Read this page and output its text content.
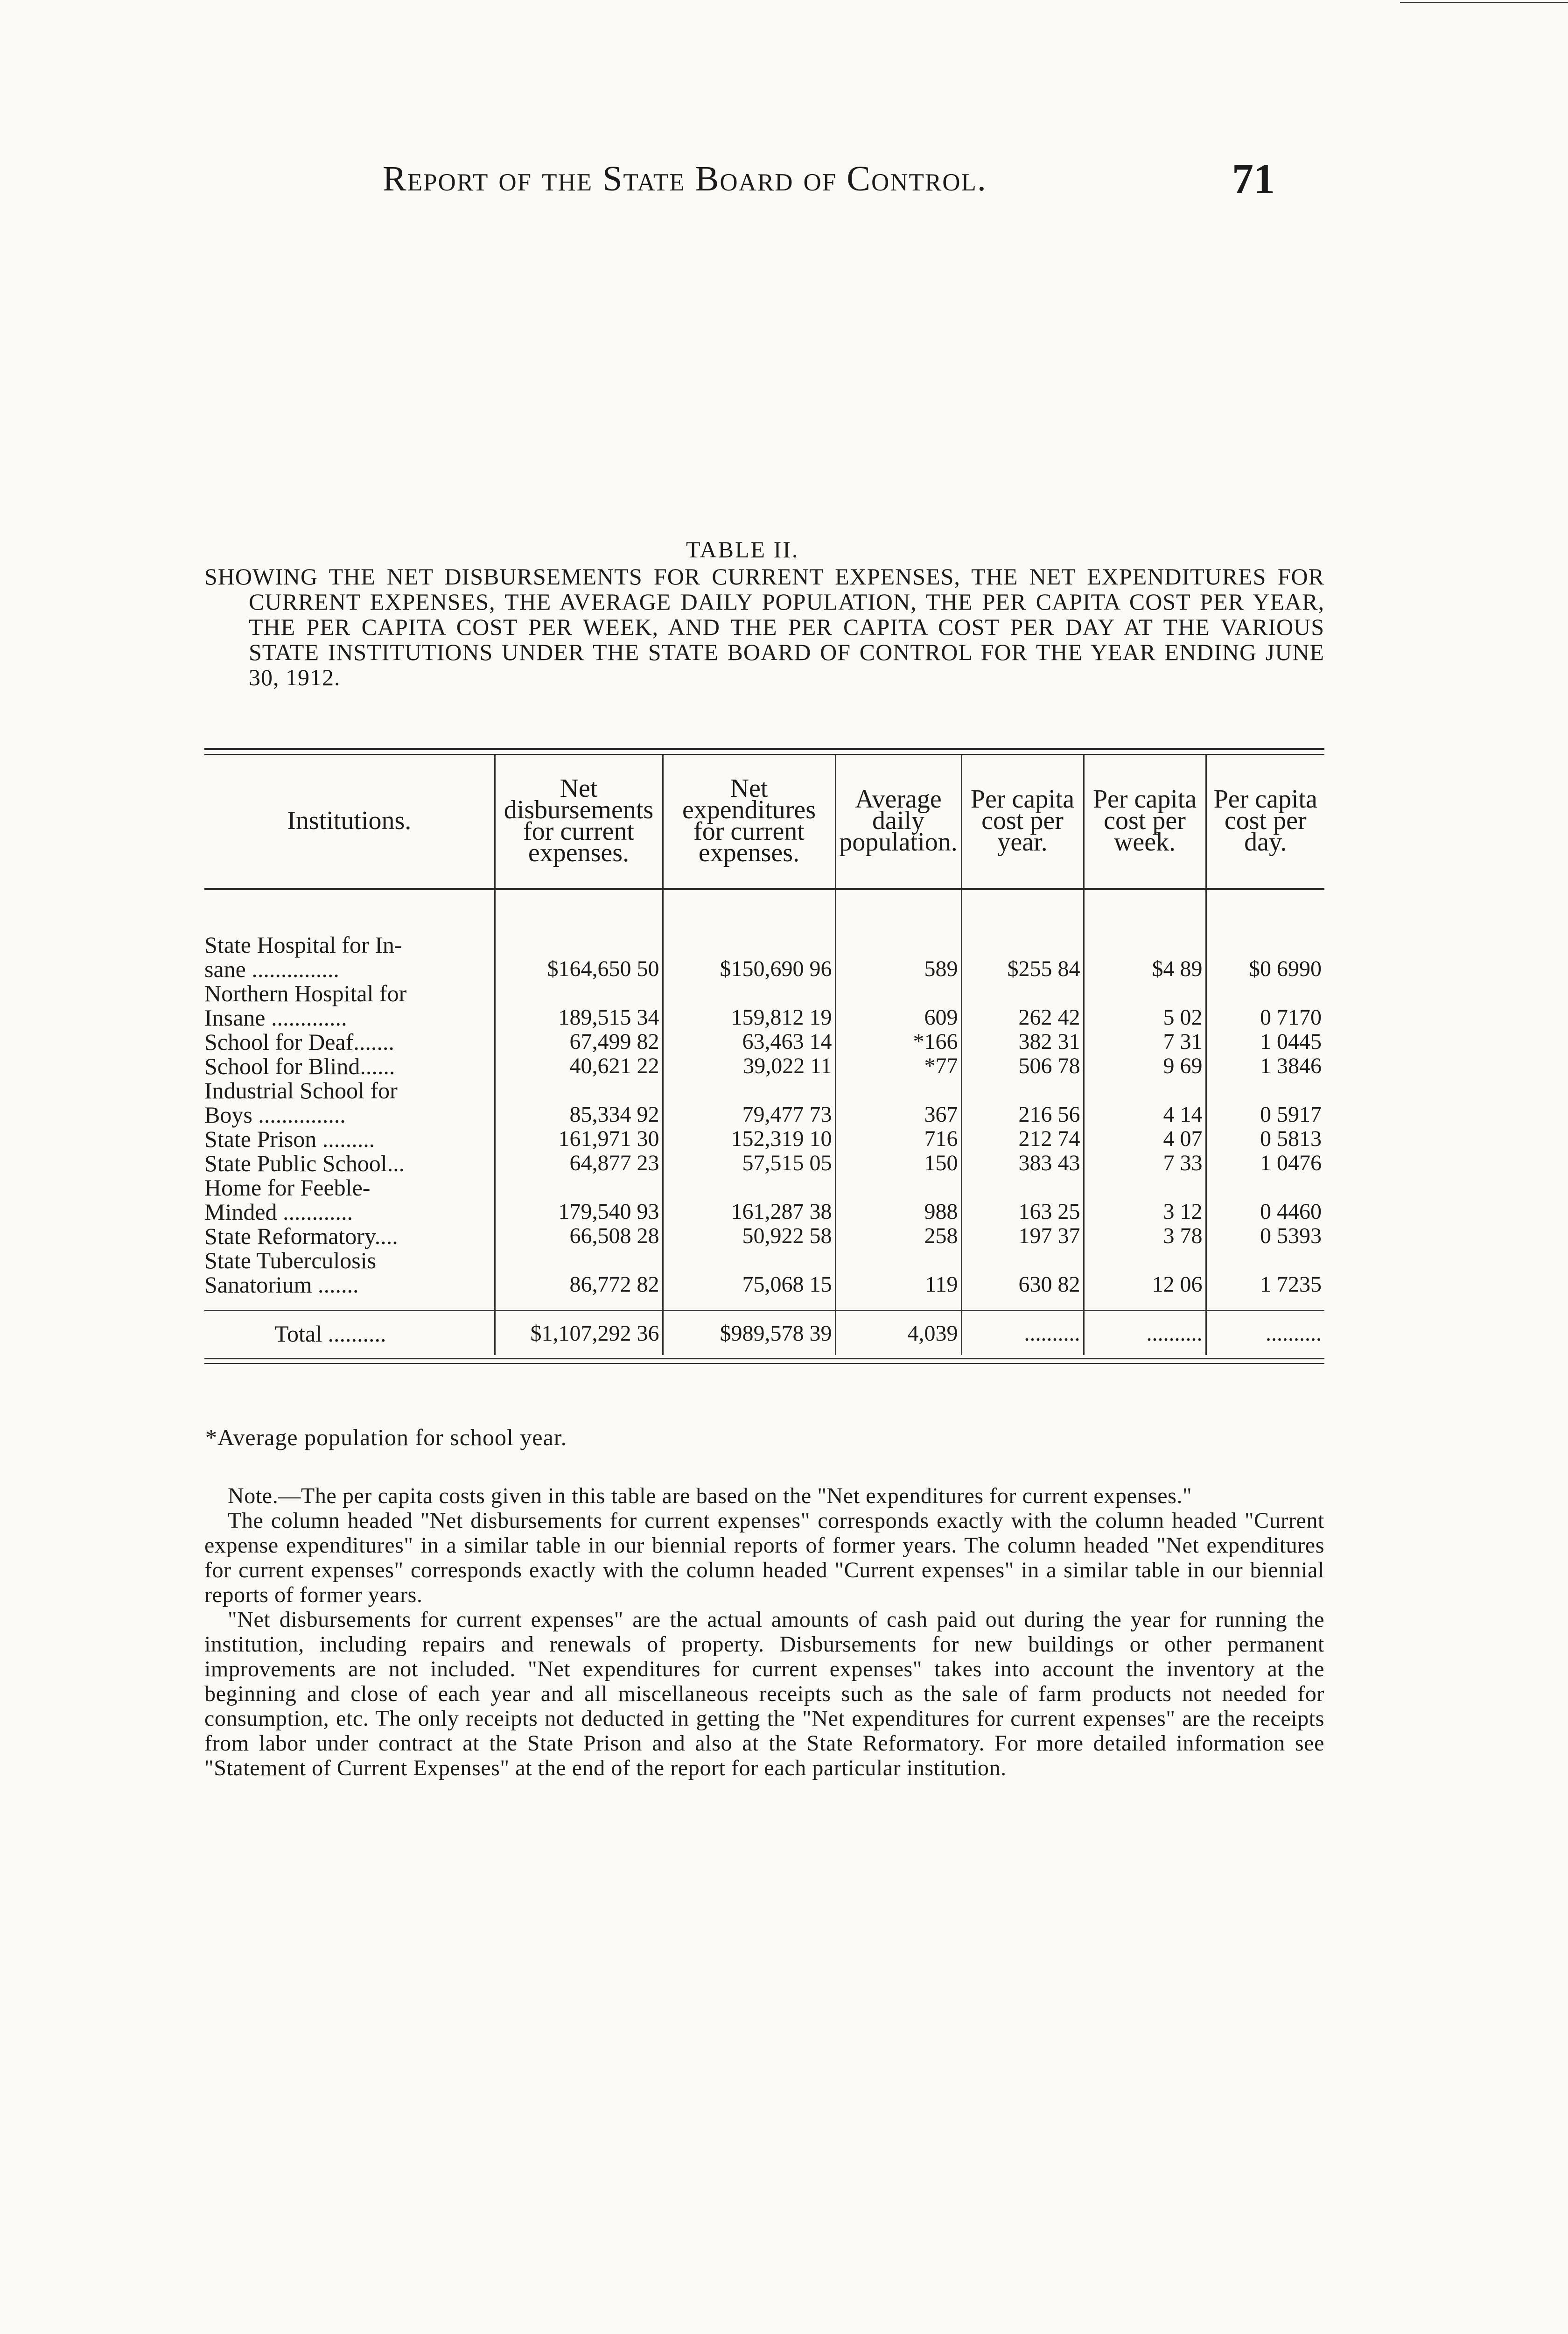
Report of the State Board of Control.	71
TABLE II.
SHOWING THE NET DISBURSEMENTS FOR CURRENT EXPENSES, THE NET EXPENDITURES FOR CURRENT EXPENSES, THE AVERAGE DAILY POPULATION, THE PER CAPITA COST PER YEAR, THE PER CAPITA COST PER WEEK, AND THE PER CAPITA COST PER DAY AT THE VARIOUS STATE INSTITUTIONS UNDER THE STATE BOARD OF CONTROL FOR THE YEAR ENDING JUNE 30, 1912.
Institutions.	Net disbursements for current expenses.	Net expenditures for current expenses.	Average daily population.	Per capita cost per year.	Per capita cost per week.	Per capita cost per day.

State Hospital for In-						
sane ...............	$164,650 50	$150,690 96	589	$255 84	$4 89	$0 6990
Northern Hospital for						
Insane .............	189,515 34	159,812 19	609	262 42	5 02	0 7170
School for Deaf.......	67,499 82	63,463 14	*166	382 31	7 31	1 0445
School for Blind......	40,621 22	39,022 11	*77	506 78	9 69	1 3846
Industrial School for						
Boys ...............	85,334 92	79,477 73	367	216 56	4 14	0 5917
State Prison .........	161,971 30	152,319 10	716	212 74	4 07	0 5813
State Public School...	64,877 23	57,515 05	150	383 43	7 33	1 0476
Home for Feeble-						
Minded ............	179,540 93	161,287 38	988	163 25	3 12	0 4460
State Reformatory....	66,508 28	50,922 58	258	197 37	3 78	0 5393
State Tuberculosis						
Sanatorium .......	86,772 82	75,068 15	119	630 82	12 06	1 7235

Total ..........	$1,107,292 36	$989,578 39	4,039	..........	..........	..........
*Average population for school year.

Note.—The per capita costs given in this table are based on the "Net expenditures for current expenses."

The column headed "Net disbursements for current expenses" corresponds exactly with the column headed "Current expense expenditures" in a similar table in our biennial reports of former years. The column headed "Net expenditures for current expenses" corresponds exactly with the column headed "Current expenses" in a similar table in our biennial reports of former years.

"Net disbursements for current expenses" are the actual amounts of cash paid out during the year for running the institution, including repairs and renewals of property. Disbursements for new buildings or other permanent improvements are not included. "Net expenditures for current expenses" takes into account the inventory at the beginning and close of each year and all miscellaneous receipts such as the sale of farm products not needed for consumption, etc. The only receipts not deducted in getting the "Net expenditures for current expenses" are the receipts from labor under contract at the State Prison and also at the State Reformatory. For more detailed information see "Statement of Current Expenses" at the end of the report for each particular institution.
